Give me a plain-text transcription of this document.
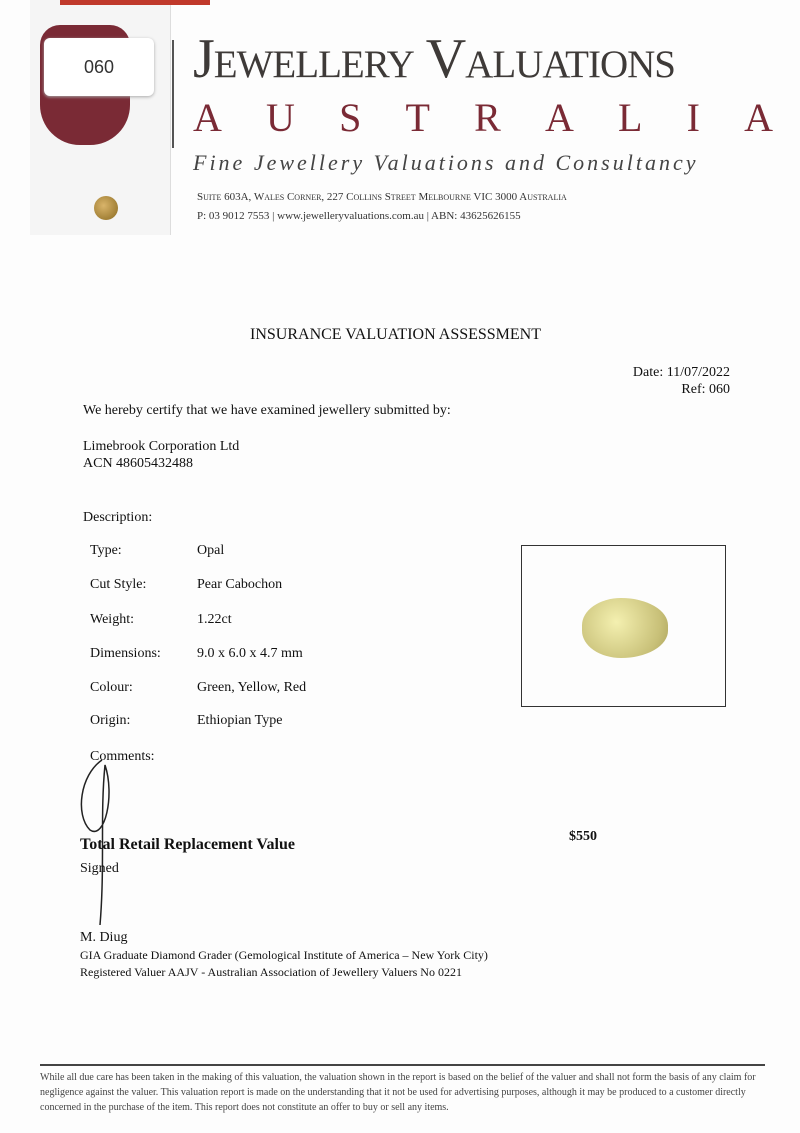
060	Jewellery Valuations
A U S T R A L I A
Fine Jewellery Valuations and Consultancy
Suite 603A, Wales Corner, 227 Collins Street Melbourne VIC 3000 Australia
P: 03 9012 7553 | www.jewelleryvaluations.com.au | ABN: 43625626155
INSURANCE VALUATION ASSESSMENT
Date: 11/07/2022
Ref: 060
We hereby certify that we have examined jewellery submitted by:
Limebrook Corporation Ltd
ACN 48605432488
Description:
Type:	Opal
Cut Style:	Pear Cabochon
Weight:	1.22ct
Dimensions:	9.0 x 6.0 x 4.7 mm
Colour:	Green, Yellow, Red
Origin:	Ethiopian Type
Comments:
Total Retail Replacement Value	$550
Signed
M. Diug
GIA Graduate Diamond Grader (Gemological Institute of America – New York City)
Registered Valuer AAJV - Australian Association of Jewellery Valuers No 0221
While all due care has been taken in the making of this valuation, the valuation shown in the report is based on the belief of the valuer and shall not form the basis of any claim for negligence against the valuer. This valuation report is made on the understanding that it not be used for advertising purposes, although it may be produced to a customer directly concerned in the purchase of the item. This report does not constitute an offer to buy or sell any items.
